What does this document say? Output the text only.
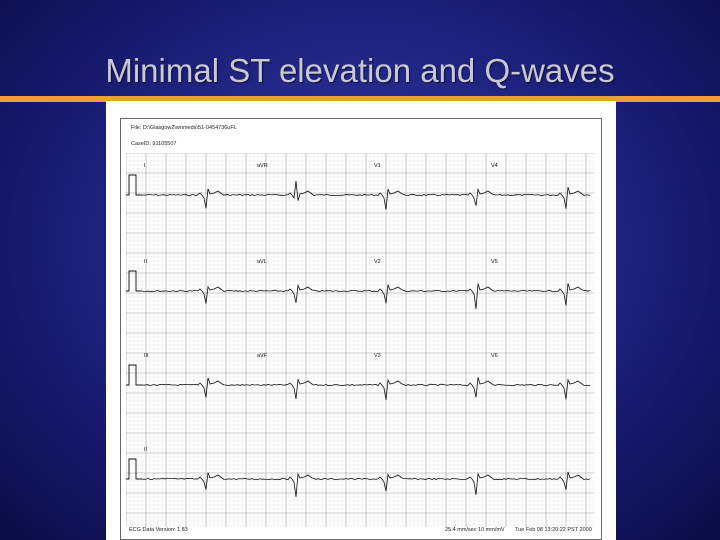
Minimal ST elevation and Q-waves
File: D:\Glasgow2\wnmeds\51-0454736uFL
CaseID: 91105507
ECG Data Version: 1.83	25.4 mm/sec 10 mm/mV Tue Feb 08 13:20:22 PST 2000
I	aVR	V1	V4
II	aVL	V2	V5
III	aVF	V3	V6
II
